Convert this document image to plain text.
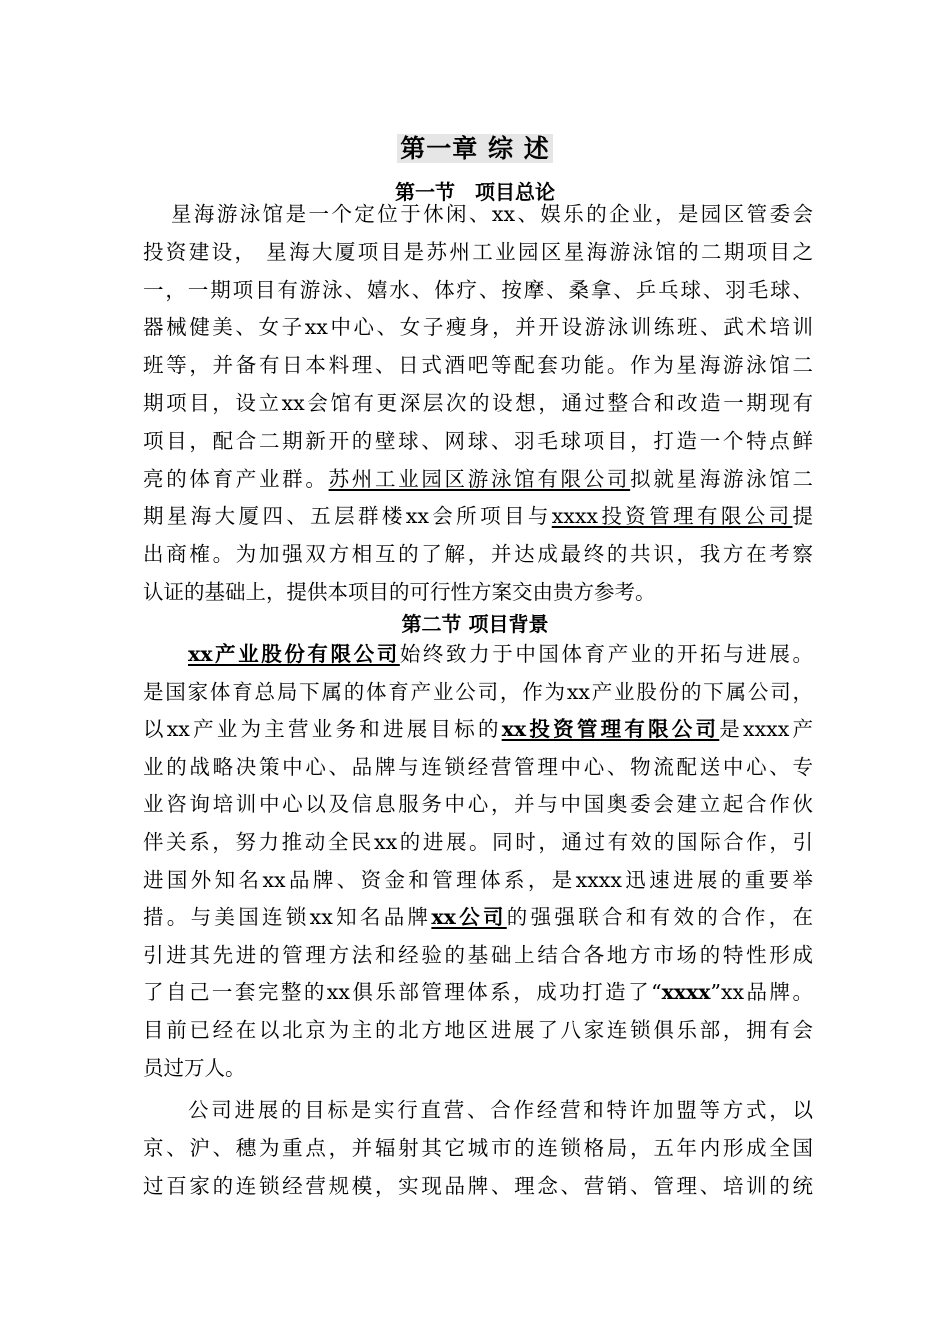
第一章 综 述
第一节　项目总论
星海游泳馆是一个定位于休闲、xx、娱乐的企业，是园区管委会
投资建设， 星海大厦项目是苏州工业园区星海游泳馆的二期项目之
一，一期项目有游泳、嬉水、体疗、按摩、桑拿、乒乓球、羽毛球、
器械健美、女子xx中心、女子瘦身，并开设游泳训练班、武术培训
班等，并备有日本料理、日式酒吧等配套功能。作为星海游泳馆二
期项目，设立xx会馆有更深层次的设想，通过整合和改造一期现有
项目，配合二期新开的壁球、网球、羽毛球项目，打造一个特点鲜
亮的体育产业群。苏州工业园区游泳馆有限公司拟就星海游泳馆二
期星海大厦四、五层群楼xx会所项目与xxxx投资管理有限公司提
出商榷。为加强双方相互的了解，并达成最终的共识，我方在考察
认证的基础上，提供本项目的可行性方案交由贵方参考。
第二节 项目背景
xx产业股份有限公司始终致力于中国体育产业的开拓与进展。
是国家体育总局下属的体育产业公司，作为xx产业股份的下属公司，
以xx产业为主营业务和进展目标的xx投资管理有限公司是xxxx产
业的战略决策中心、品牌与连锁经营管理中心、物流配送中心、专
业咨询培训中心以及信息服务中心，并与中国奥委会建立起合作伙
伴关系，努力推动全民xx的进展。同时，通过有效的国际合作，引
进国外知名xx品牌、资金和管理体系，是xxxx迅速进展的重要举
措。与美国连锁xx知名品牌xx公司的强强联合和有效的合作，在
引进其先进的管理方法和经验的基础上结合各地方市场的特性形成
了自己一套完整的xx俱乐部管理体系，成功打造了“xxxx”xx品牌。
目前已经在以北京为主的北方地区进展了八家连锁俱乐部，拥有会
员过万人。
公司进展的目标是实行直营、合作经营和特许加盟等方式，以
京、沪、穗为重点，并辐射其它城市的连锁格局，五年内形成全国
过百家的连锁经营规模，实现品牌、理念、营销、管理、培训的统
